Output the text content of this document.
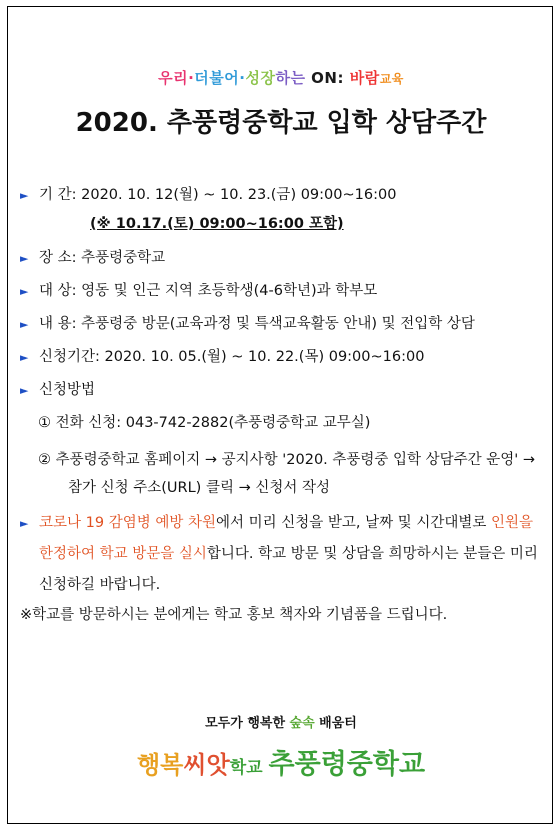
우리·더불어·성장하는 ON: 바람교육
2020. 추풍령중학교 입학 상담주간
► 기 간: 2020. 10. 12(월) ~ 10. 23.(금) 09:00~16:00
(※ 10.17.(토) 09:00~16:00 포함)
► 장 소: 추풍령중학교
► 대 상: 영동 및 인근 지역 초등학생(4-6학년)과 학부모
► 내 용: 추풍령중 방문(교육과정 및 특색교육활동 안내) 및 전입학 상담
► 신청기간: 2020. 10. 05.(월) ~ 10. 22.(목) 09:00~16:00
► 신청방법
① 전화 신청: 043-742-2882(추풍령중학교 교무실)
② 추풍령중학교 홈페이지 → 공지사항 '2020. 추풍령중 입학 상담주간 운영' → 참가 신청 주소(URL) 클릭 → 신청서 작성
► 코로나 19 감염병 예방 차원에서 미리 신청을 받고, 날짜 및 시간대별로 인원을 한정하여 학교 방문을 실시합니다. 학교 방문 및 상담을 희망하시는 분들은 미리 신청하길 바랍니다.
※학교를 방문하시는 분에게는 학교 홍보 책자와 기념품을 드립니다.
모두가 행복한 숲속 배움터
행복씨앗학교 추풍령중학교
